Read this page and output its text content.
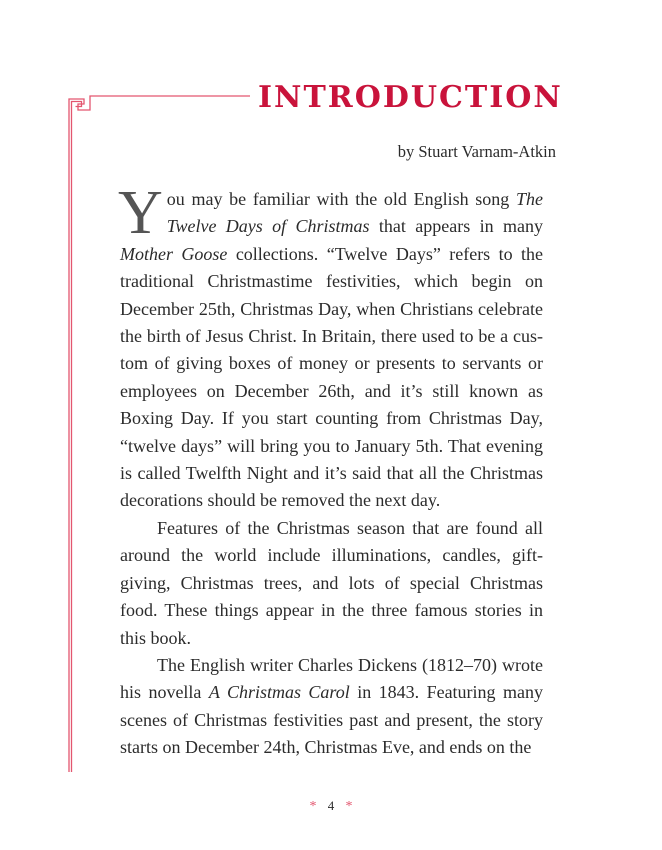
INTRODUCTION
by Stuart Varnam-Atkin

You may be familiar with the old English song The Twelve Days of Christmas that appears in many Mother Goose collections. “Twelve Days” refers to the traditional Christmastime festivities, which begin on December 25th, Christmas Day, when Christians celebrate the birth of Jesus Christ. In Britain, there used to be a custom of giving boxes of money or presents to servants or employees on December 26th, and it’s still known as Boxing Day. If you start counting from Christmas Day, “twelve days” will bring you to January 5th. That evening is called Twelfth Night and it’s said that all the Christmas decorations should be removed the next day.

Features of the Christmas season that are found all around the world include illuminations, candles, gift-giving, Christmas trees, and lots of special Christmas food. These things appear in the three famous stories in this book.

The English writer Charles Dickens (1812–70) wrote his novella A Christmas Carol in 1843. Featuring many scenes of Christmas festivities past and present, the story starts on December 24th, Christmas Eve, and ends on the

* 4 *
